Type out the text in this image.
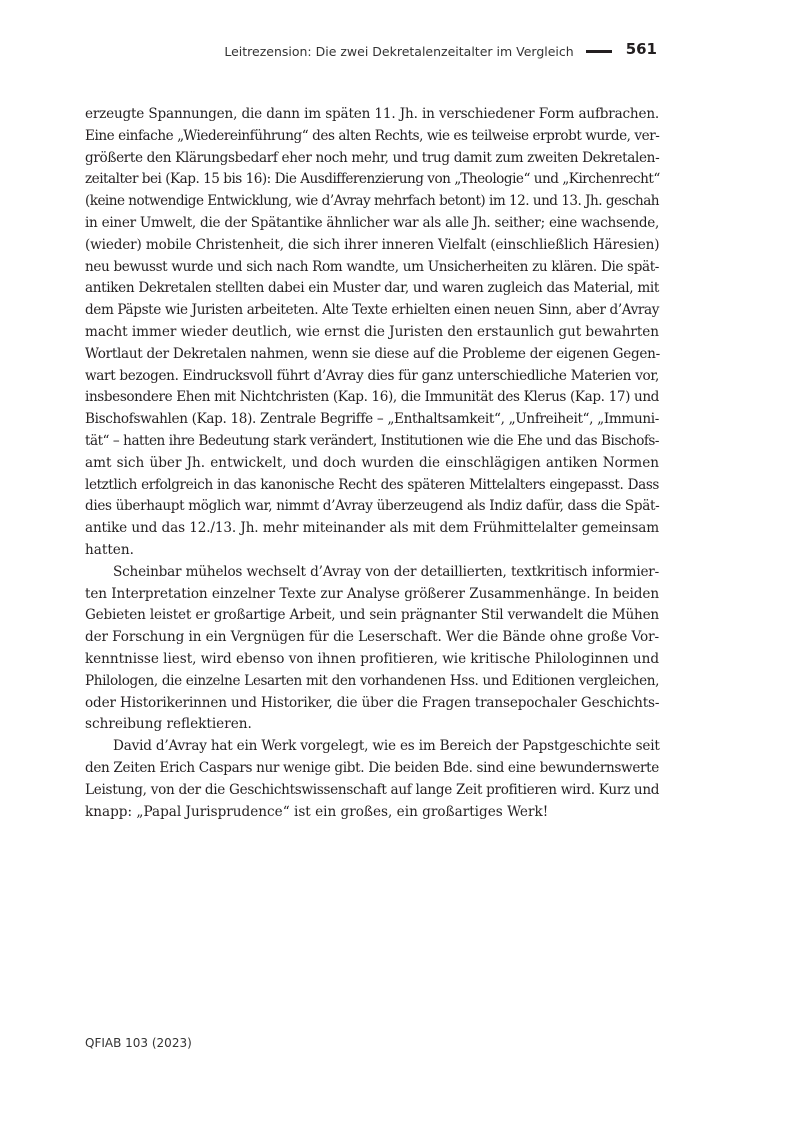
Leitrezension: Die zwei Dekretalenzeitalter im Vergleich	561
erzeugte Spannungen, die dann im späten 11. Jh. in verschiedener Form aufbrachen.
Eine einfache „Wiedereinführung“ des alten Rechts, wie es teilweise erprobt wurde, ver-
größerte den Klärungsbedarf eher noch mehr, und trug damit zum zweiten Dekretalen-
zeitalter bei (Kap. 15 bis 16): Die Ausdifferenzierung von „Theologie“ und „Kirchenrecht“
(keine notwendige Entwicklung, wie d’Avray mehrfach betont) im 12. und 13. Jh. geschah
in einer Umwelt, die der Spätantike ähnlicher war als alle Jh. seither; eine wachsende,
(wieder) mobile Christenheit, die sich ihrer inneren Vielfalt (einschließlich Häresien)
neu bewusst wurde und sich nach Rom wandte, um Unsicherheiten zu klären. Die spät-
antiken Dekretalen stellten dabei ein Muster dar, und waren zugleich das Material, mit
dem Päpste wie Juristen arbeiteten. Alte Texte erhielten einen neuen Sinn, aber d’Avray
macht immer wieder deutlich, wie ernst die Juristen den erstaunlich gut bewahrten
Wortlaut der Dekretalen nahmen, wenn sie diese auf die Probleme der eigenen Gegen-
wart bezogen. Eindrucksvoll führt d’Avray dies für ganz unterschiedliche Materien vor,
insbesondere Ehen mit Nichtchristen (Kap. 16), die Immunität des Klerus (Kap. 17) und
Bischofswahlen (Kap. 18). Zentrale Begriffe – „Enthaltsamkeit“, „Unfreiheit“, „Immuni-
tät“ – hatten ihre Bedeutung stark verändert, Institutionen wie die Ehe und das Bischofs-
amt sich über Jh. entwickelt, und doch wurden die einschlägigen antiken Normen
letztlich erfolgreich in das kanonische Recht des späteren Mittelalters eingepasst. Dass
dies überhaupt möglich war, nimmt d’Avray überzeugend als Indiz dafür, dass die Spät-
antike und das 12./13. Jh. mehr miteinander als mit dem Frühmittelalter gemeinsam
hatten.
Scheinbar mühelos wechselt d’Avray von der detaillierten, textkritisch informier-
ten Interpretation einzelner Texte zur Analyse größerer Zusammenhänge. In beiden
Gebieten leistet er großartige Arbeit, und sein prägnanter Stil verwandelt die Mühen
der Forschung in ein Vergnügen für die Leserschaft. Wer die Bände ohne große Vor-
kenntnisse liest, wird ebenso von ihnen profitieren, wie kritische Philologinnen und
Philologen, die einzelne Lesarten mit den vorhandenen Hss. und Editionen vergleichen,
oder Historikerinnen und Historiker, die über die Fragen transepochaler Geschichts-
schreibung reflektieren.
David d’Avray hat ein Werk vorgelegt, wie es im Bereich der Papstgeschichte seit
den Zeiten Erich Caspars nur wenige gibt. Die beiden Bde. sind eine bewundernswerte
Leistung, von der die Geschichtswissenschaft auf lange Zeit profitieren wird. Kurz und
knapp: „Papal Jurisprudence“ ist ein großes, ein großartiges Werk!
QFIAB 103 (2023)
